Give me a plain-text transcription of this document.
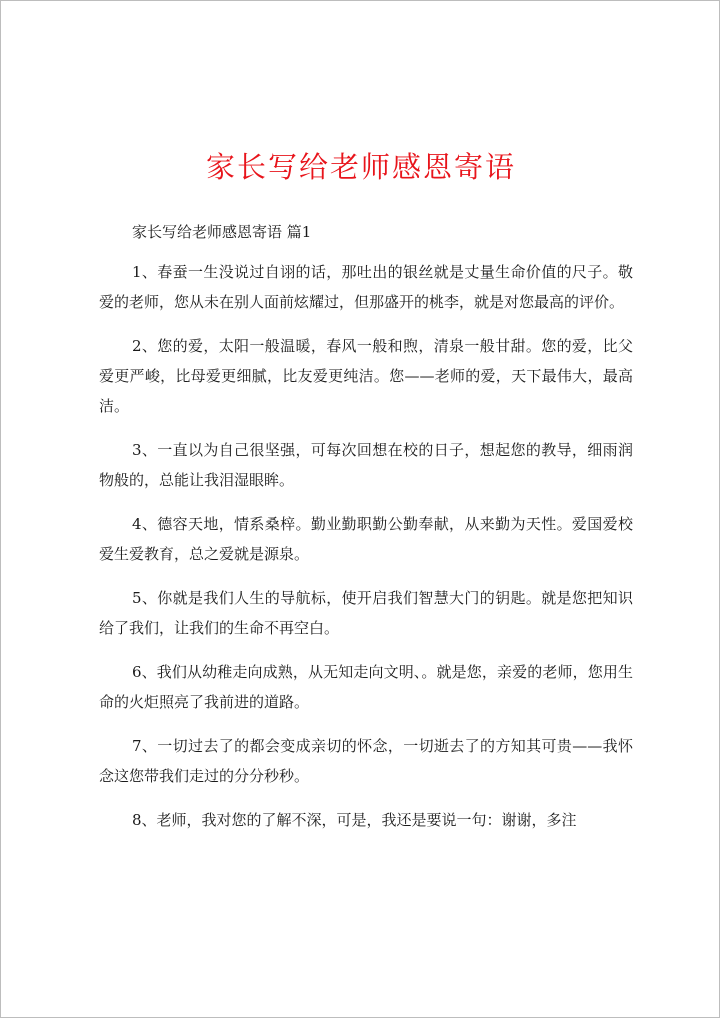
家长写给老师感恩寄语
家长写给老师感恩寄语 篇1

1、春蚕一生没说过自诩的话，那吐出的银丝就是丈量生命价值的尺子。敬爱的老师，您从未在别人面前炫耀过，但那盛开的桃李，就是对您最高的评价。

2、您的爱，太阳一般温暖，春风一般和煦，清泉一般甘甜。您的爱，比父爱更严峻，比母爱更细腻，比友爱更纯洁。您——老师的爱，天下最伟大，最高洁。

3、一直以为自己很坚强，可每次回想在校的日子，想起您的教导，细雨润物般的，总能让我泪湿眼眸。

4、德容天地，情系桑梓。勤业勤职勤公勤奉献，从来勤为天性。爱国爱校爱生爱教育，总之爱就是源泉。

5、你就是我们人生的导航标，使开启我们智慧大门的钥匙。就是您把知识给了我们，让我们的生命不再空白。

6、我们从幼稚走向成熟，从无知走向文明、。就是您，亲爱的老师，您用生命的火炬照亮了我前进的道路。

7、一切过去了的都会变成亲切的怀念，一切逝去了的方知其可贵——我怀念这您带我们走过的分分秒秒。

8、老师，我对您的了解不深，可是，我还是要说一句：谢谢，多注
